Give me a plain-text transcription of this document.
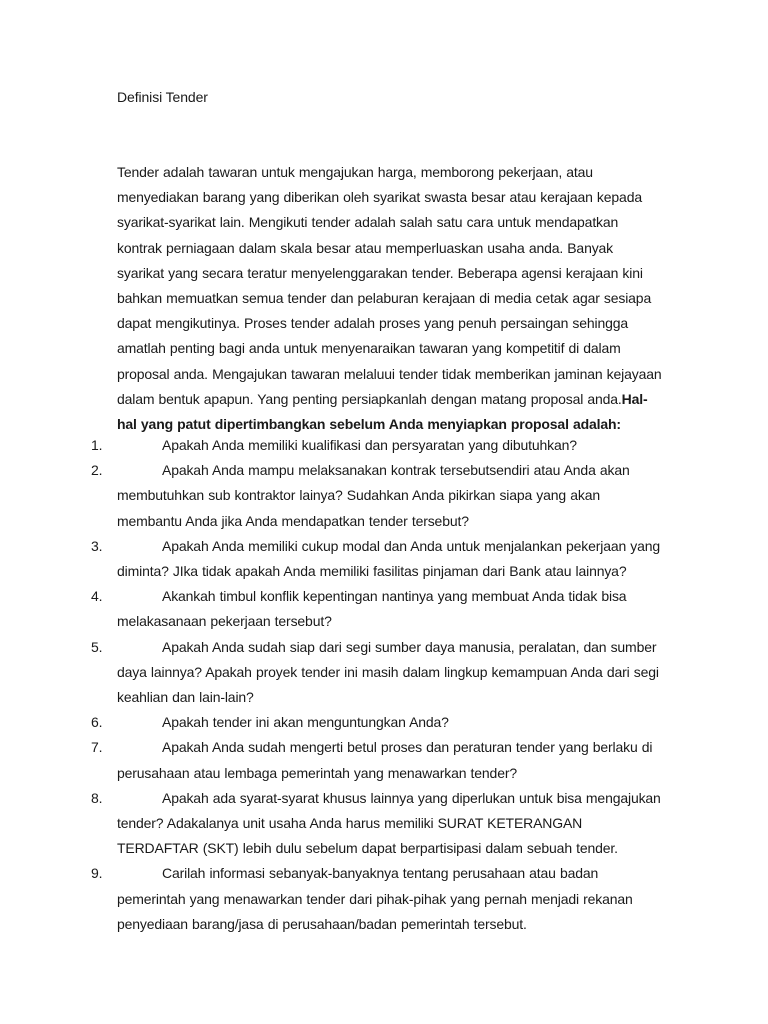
Definisi Tender

Tender adalah tawaran untuk mengajukan harga, memborong pekerjaan, atau menyediakan barang yang diberikan oleh syarikat swasta besar atau kerajaan kepada syarikat-syarikat lain. Mengikuti tender adalah salah satu cara untuk mendapatkan kontrak perniagaan dalam skala besar atau memperluaskan usaha anda. Banyak syarikat yang secara teratur menyelenggarakan tender. Beberapa agensi kerajaan kini bahkan memuatkan semua tender dan pelaburan kerajaan di media cetak agar sesiapa dapat mengikutinya. Proses tender adalah proses yang penuh persaingan sehingga amatlah penting bagi anda untuk menyenaraikan tawaran yang kompetitif di dalam proposal anda. Mengajukan tawaran melaluui tender tidak memberikan jaminan kejayaan dalam bentuk apapun. Yang penting persiapkanlah dengan matang proposal anda.Hal-hal yang patut dipertimbangkan sebelum Anda menyiapkan proposal adalah:

1.	Apakah Anda memiliki kualifikasi dan persyaratan yang dibutuhkan?
2.	Apakah Anda mampu melaksanakan kontrak tersebutsendiri atau Anda akan membutuhkan sub kontraktor lainya? Sudahkan Anda pikirkan siapa yang akan membantu Anda jika Anda mendapatkan tender tersebut?
3.	Apakah Anda memiliki cukup modal dan Anda untuk menjalankan pekerjaan yang diminta? JIka tidak apakah Anda memiliki fasilitas pinjaman dari Bank atau lainnya?
4.	Akankah timbul konflik kepentingan nantinya yang membuat Anda tidak bisa melakasanaan pekerjaan tersebut?
5.	Apakah Anda sudah siap dari segi sumber daya manusia, peralatan, dan sumber daya lainnya? Apakah proyek tender ini masih dalam lingkup kemampuan Anda dari segi keahlian dan lain-lain?
6.	Apakah tender ini akan menguntungkan Anda?
7.	Apakah Anda sudah mengerti betul proses dan peraturan tender yang berlaku di perusahaan atau lembaga pemerintah yang menawarkan tender?
8.	Apakah ada syarat-syarat khusus lainnya yang diperlukan untuk bisa mengajukan tender? Adakalanya unit usaha Anda harus memiliki SURAT KETERANGAN TERDAFTAR (SKT) lebih dulu sebelum dapat berpartisipasi dalam sebuah tender.
9.	Carilah informasi sebanyak-banyaknya tentang perusahaan atau badan pemerintah yang menawarkan tender dari pihak-pihak yang pernah menjadi rekanan penyediaan barang/jasa di perusahaan/badan pemerintah tersebut.
